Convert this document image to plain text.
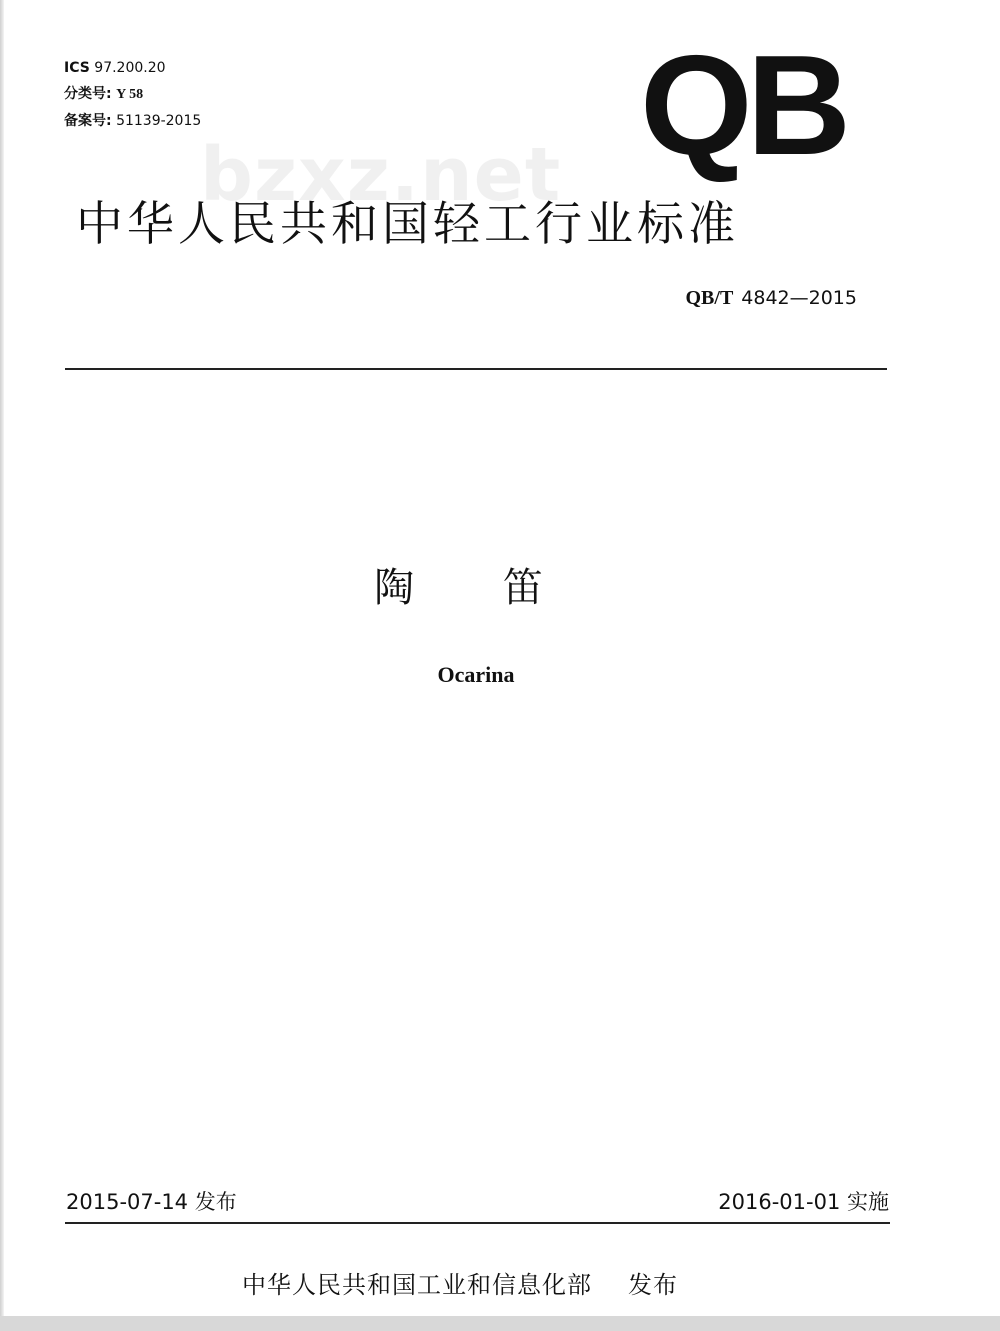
ICS 97.200.20
分类号: Y 58
备案号: 51139-2015	QB
bzxz.net
中华人民共和国轻工行业标准
QB/T 4842—2015
陶 笛
Ocarina
2015-07-14 发布	2016-01-01 实施
中华人民共和国工业和信息化部 发布
